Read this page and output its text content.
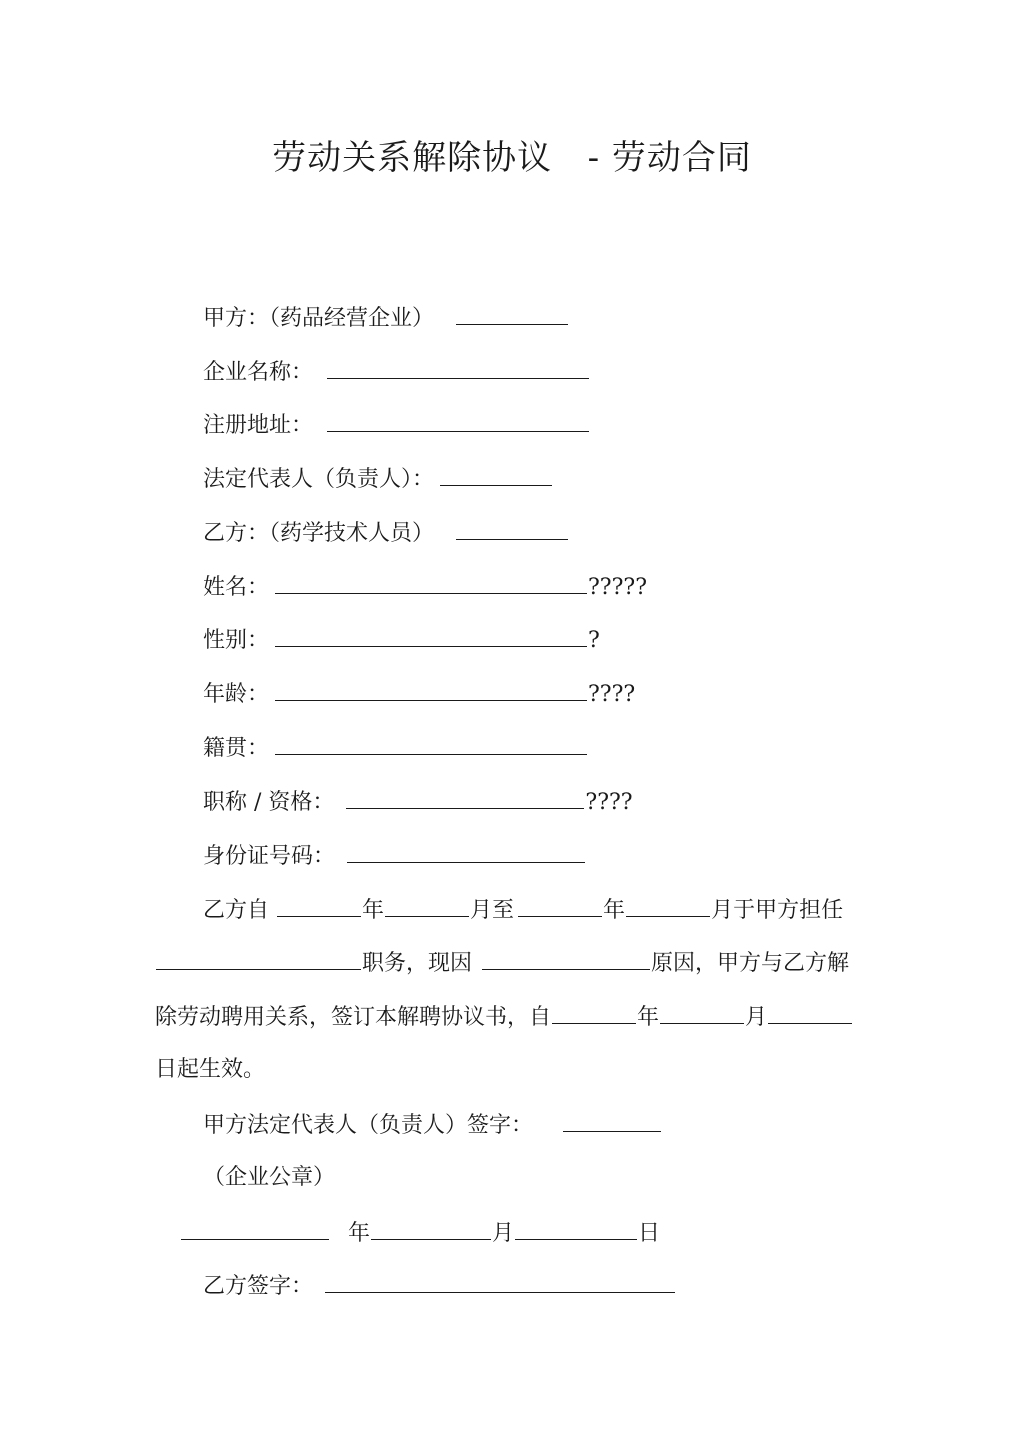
劳动关系解除协议   - 劳动合同
甲方：（药品经营企业）
企业名称：
注册地址：
法定代表人（负责人）：
乙方：（药学技术人员）
姓名：	?????
性别：	?
年龄：	????
籍贯：
职称 / 资格：	????
身份证号码：
乙方自	年	月至	年	月于甲方担任
职务，现因	原因，甲方与乙方解
除劳动聘用关系，签订本解聘协议书，自	年	月
日起生效。
甲方法定代表人（负责人）签字：
（企业公章）
年	月	日
乙方签字：
